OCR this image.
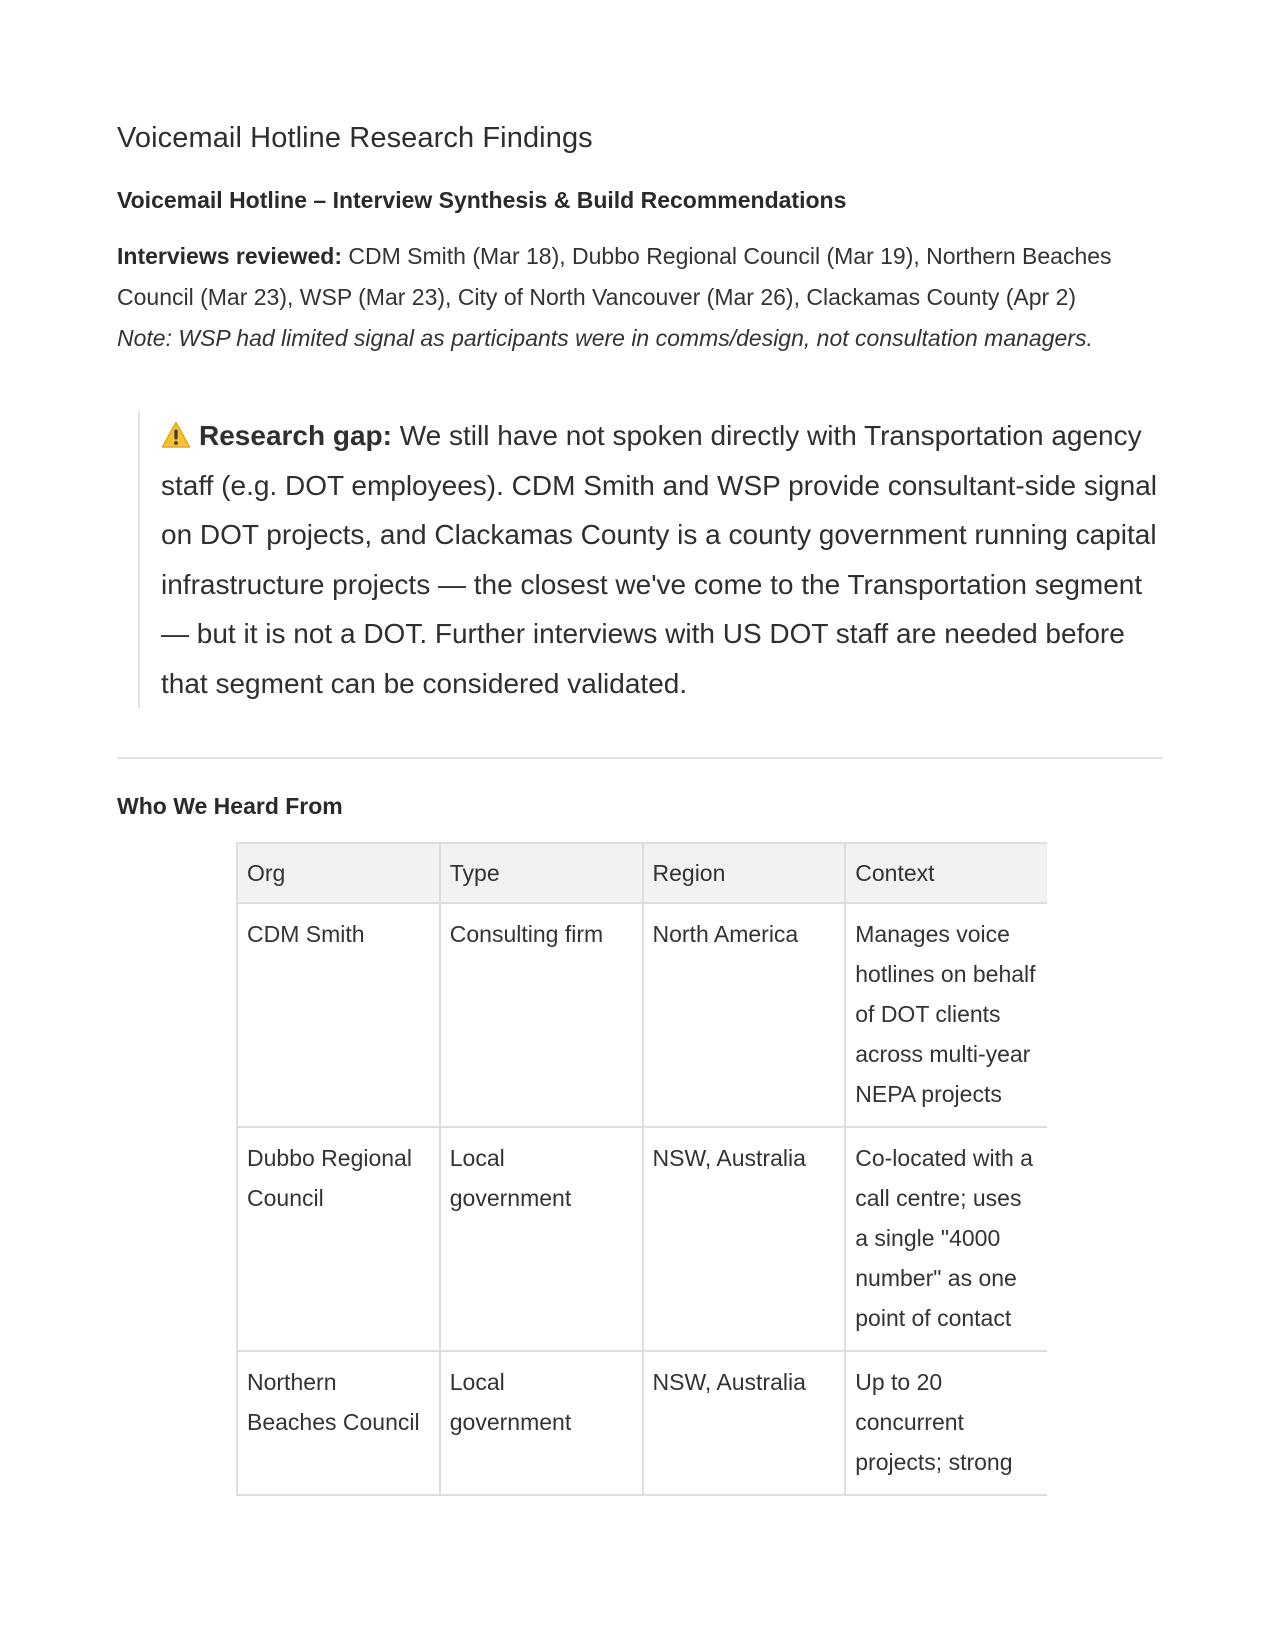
Voicemail Hotline Research Findings
Voicemail Hotline – Interview Synthesis & Build Recommendations
Interviews reviewed: CDM Smith (Mar 18), Dubbo Regional Council (Mar 19), Northern Beaches Council (Mar 23), WSP (Mar 23), City of North Vancouver (Mar 26), Clackamas County (Apr 2)
Note: WSP had limited signal as participants were in comms/design, not consultation managers.
Research gap: We still have not spoken directly with Transportation agency staff (e.g. DOT employees). CDM Smith and WSP provide consultant-side signal on DOT projects, and Clackamas County is a county government running capital infrastructure projects — the closest we've come to the Transportation segment — but it is not a DOT. Further interviews with US DOT staff are needed before that segment can be considered validated.
Who We Heard From
Org	Type	Region	Context
CDM Smith	Consulting firm	North America	Manages voice hotlines on behalf of DOT clients across multi-year NEPA projects
Dubbo Regional Council	Local government	NSW, Australia	Co-located with a call centre; uses a single "4000 number" as one point of contact
Northern Beaches Council	Local government	NSW, Australia	Up to 20 concurrent projects; strong
